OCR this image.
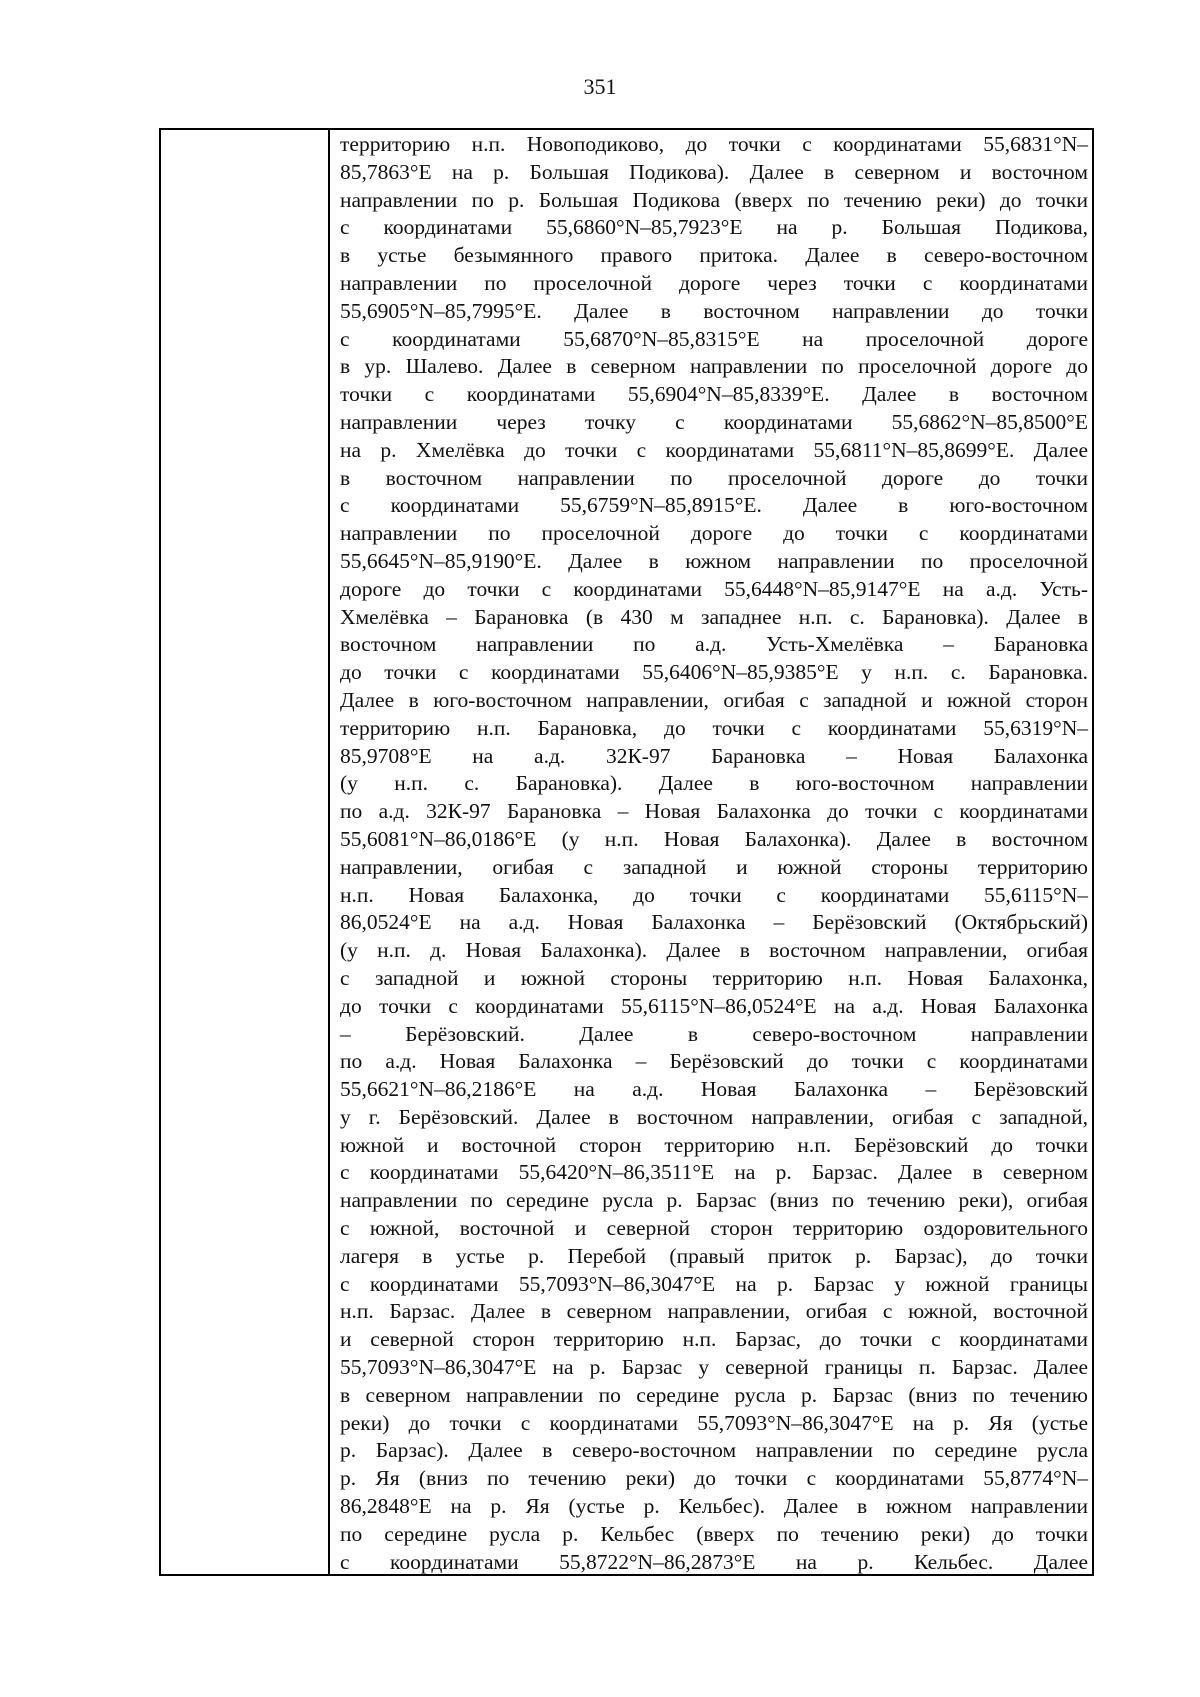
351

территорию н.п. Новоподиково, до точки с координатами 55,6831°N–

85,7863°E на р. Большая Подикова). Далее в северном и восточном

направлении по р. Большая Подикова (вверх по течению реки) до точки

с координатами 55,6860°N–85,7923°E на р. Большая Подикова,

в устье безымянного правого притока. Далее в северо-восточном

направлении по проселочной дороге через точки с координатами

55,6905°N–85,7995°E. Далее в восточном направлении до точки

с координатами 55,6870°N–85,8315°E на проселочной дороге

в ур. Шалево. Далее в северном направлении по проселочной дороге до

точки с координатами 55,6904°N–85,8339°E. Далее в восточном

направлении через точку с координатами 55,6862°N–85,8500°E

на р. Хмелёвка до точки с координатами 55,6811°N–85,8699°E. Далее

в восточном направлении по проселочной дороге до точки

с координатами 55,6759°N–85,8915°E. Далее в юго-восточном

направлении по проселочной дороге до точки с координатами

55,6645°N–85,9190°E. Далее в южном направлении по проселочной

дороге до точки с координатами 55,6448°N–85,9147°E на а.д. Усть-

Хмелёвка – Барановка (в 430 м западнее н.п. с. Барановка). Далее в

восточном направлении по а.д. Усть-Хмелёвка – Барановка

до точки с координатами 55,6406°N–85,9385°E у н.п. с. Барановка.

Далее в юго-восточном направлении, огибая с западной и южной сторон

территорию н.п. Барановка, до точки с координатами 55,6319°N–

85,9708°E на а.д. 32К-97 Барановка – Новая Балахонка

(у н.п. с. Барановка). Далее в юго-восточном направлении

по а.д. 32К-97 Барановка – Новая Балахонка до точки с координатами

55,6081°N–86,0186°E (у н.п. Новая Балахонка). Далее в восточном

направлении, огибая с западной и южной стороны территорию

н.п. Новая Балахонка, до точки с координатами 55,6115°N–

86,0524°E на а.д. Новая Балахонка – Берёзовский (Октябрьский)

(у н.п. д. Новая Балахонка). Далее в восточном направлении, огибая

с западной и южной стороны территорию н.п. Новая Балахонка,

до точки с координатами 55,6115°N–86,0524°E на а.д. Новая Балахонка

– Берёзовский. Далее в северо-восточном направлении

по а.д. Новая Балахонка – Берёзовский до точки с координатами

55,6621°N–86,2186°E на а.д. Новая Балахонка – Берёзовский

у г. Берёзовский. Далее в восточном направлении, огибая с западной,

южной и восточной сторон территорию н.п. Берёзовский до точки

с координатами 55,6420°N–86,3511°E на р. Барзас. Далее в северном

направлении по середине русла р. Барзас (вниз по течению реки), огибая

с южной, восточной и северной сторон территорию оздоровительного

лагеря в устье р. Перебой (правый приток р. Барзас), до точки

с координатами 55,7093°N–86,3047°E на р. Барзас у южной границы

н.п. Барзас. Далее в северном направлении, огибая с южной, восточной

и северной сторон территорию н.п. Барзас, до точки с координатами

55,7093°N–86,3047°E на р. Барзас у северной границы п. Барзас. Далее

в северном направлении по середине русла р. Барзас (вниз по течению

реки) до точки с координатами 55,7093°N–86,3047°E на р. Яя (устье

р. Барзас). Далее в северо-восточном направлении по середине русла

р. Яя (вниз по течению реки) до точки с координатами 55,8774°N–

86,2848°E на р. Яя (устье р. Кельбес). Далее в южном направлении

по середине русла р. Кельбес (вверх по течению реки) до точки

с координатами 55,8722°N–86,2873°E на р. Кельбес. Далее
